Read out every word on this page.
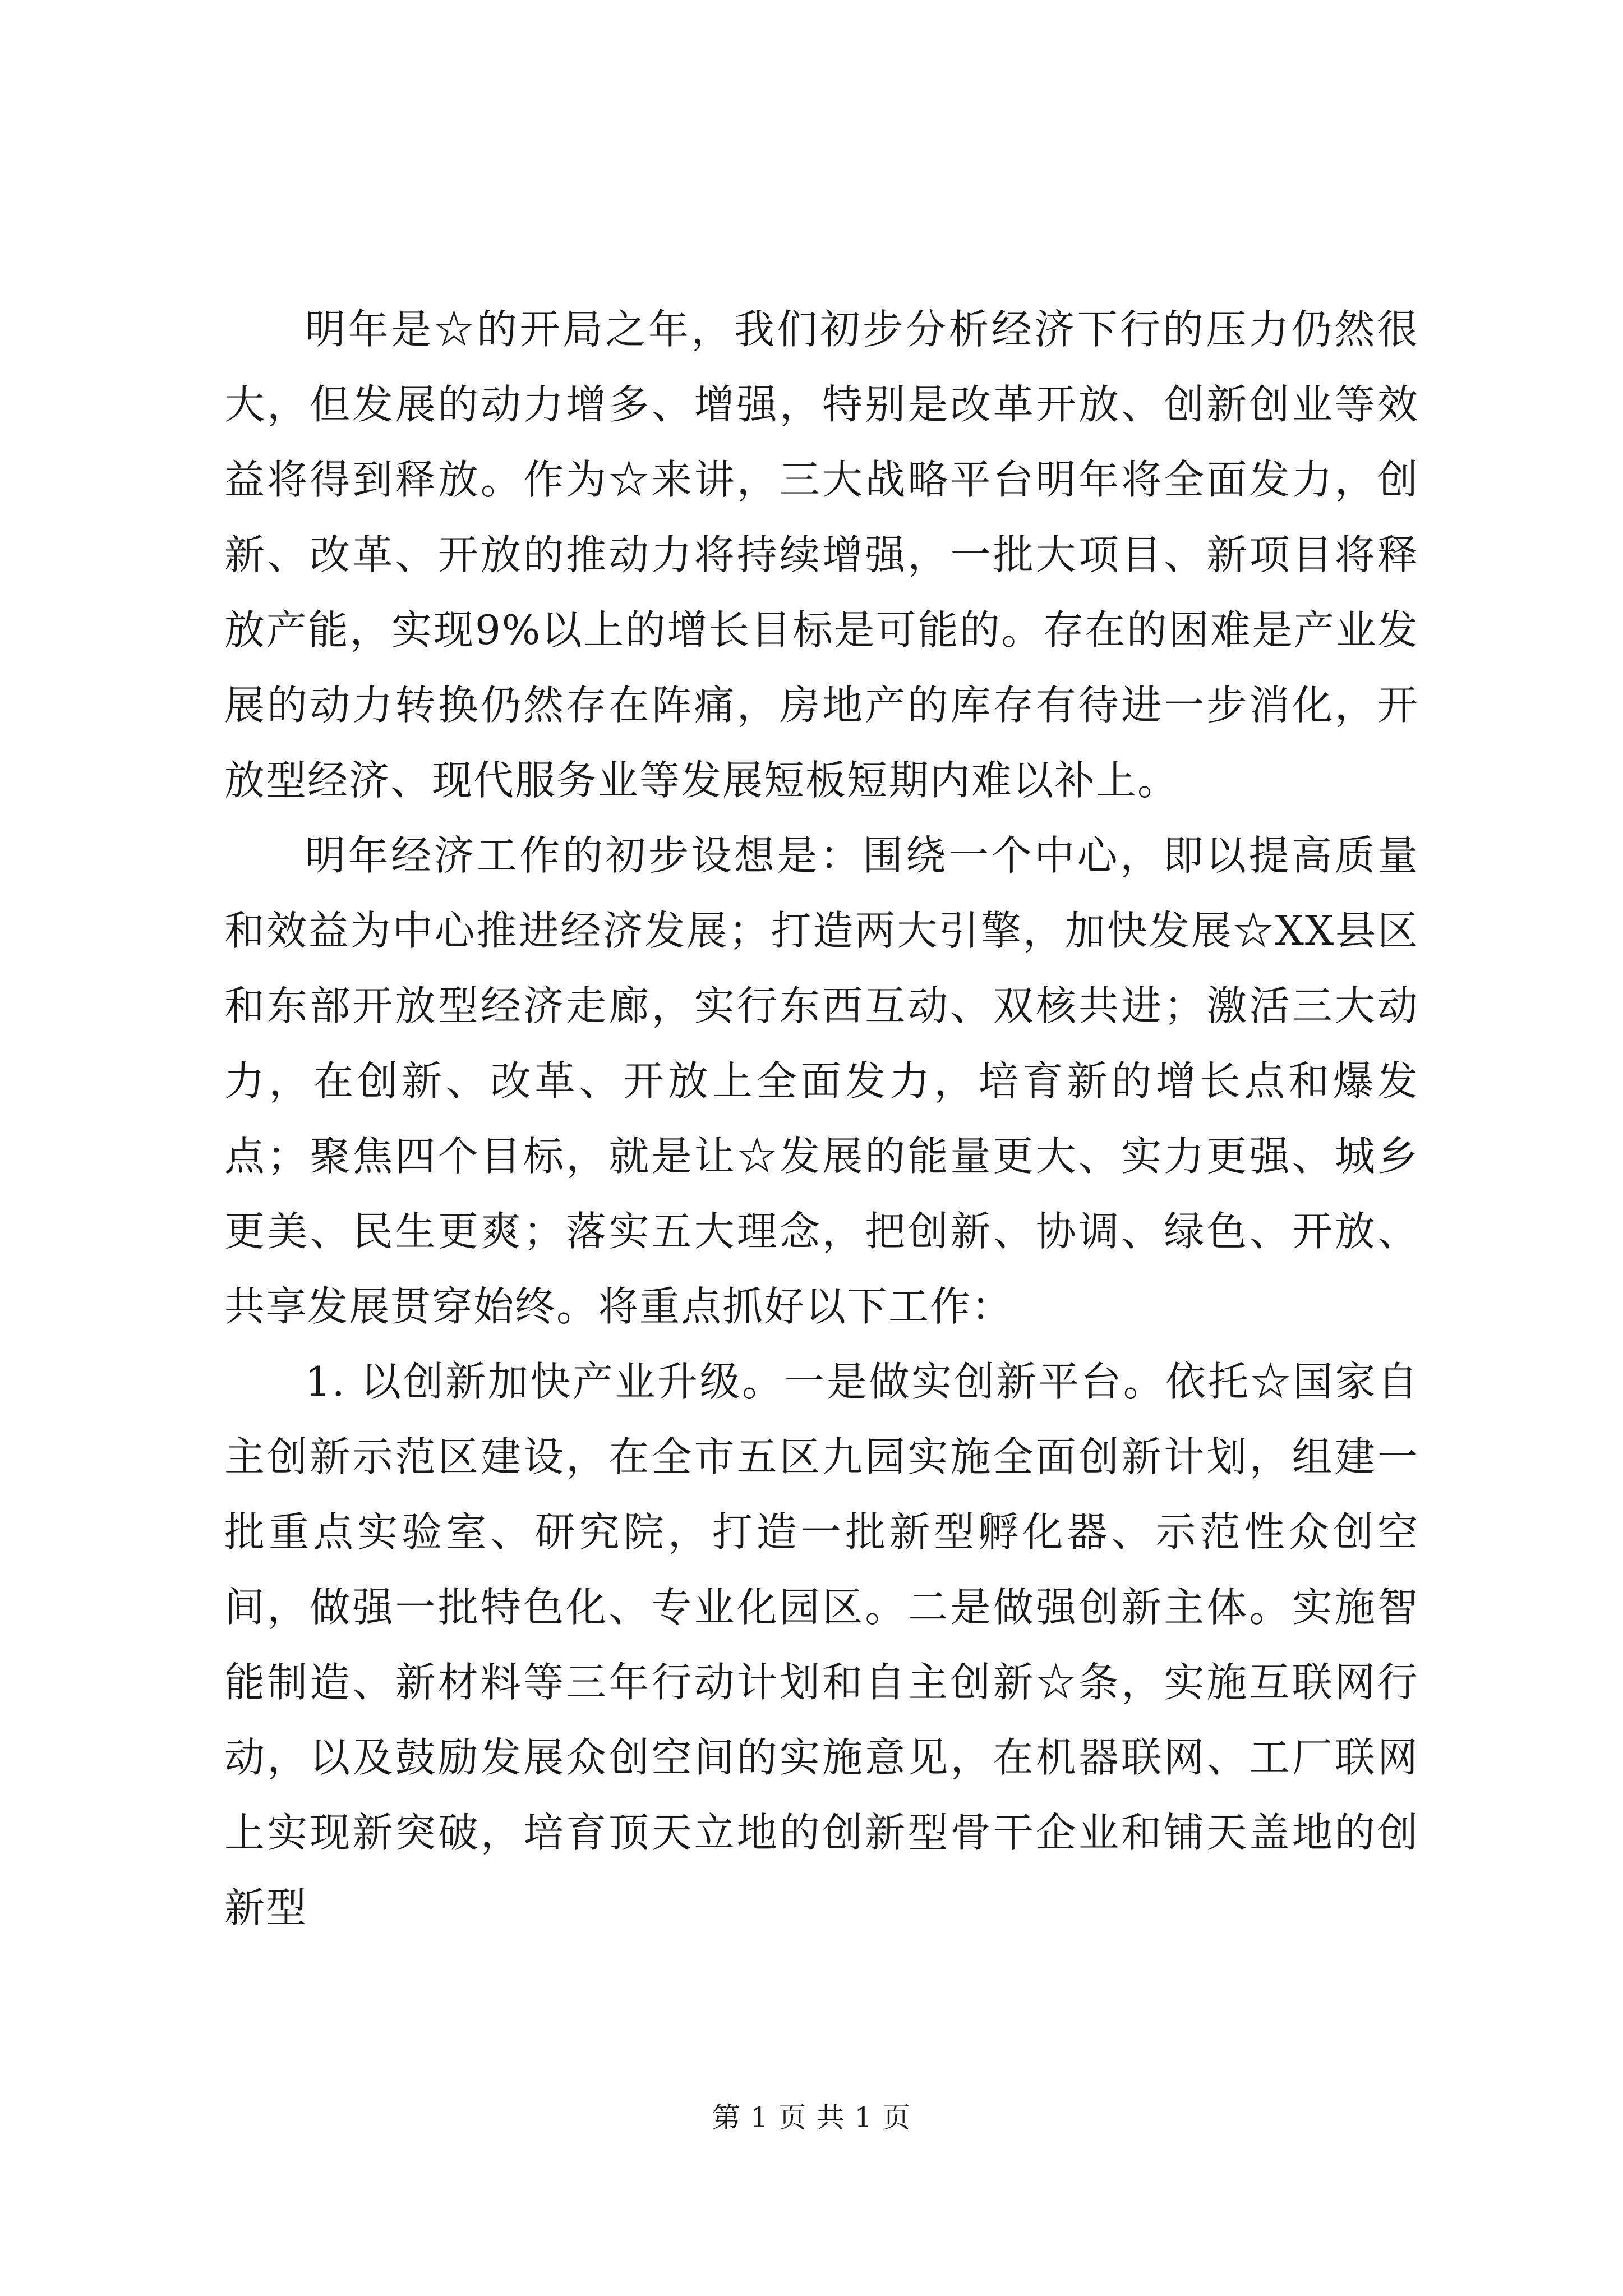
明年是☆的开局之年，我们初步分析经济下行的压力仍然很大，但发展的动力增多、增强，特别是改革开放、创新创业等效益将得到释放。作为☆来讲，三大战略平台明年将全面发力，创新、改革、开放的推动力将持续增强，一批大项目、新项目将释放产能，实现9%以上的增长目标是可能的。存在的困难是产业发展的动力转换仍然存在阵痛，房地产的库存有待进一步消化，开放型经济、现代服务业等发展短板短期内难以补上。

明年经济工作的初步设想是：围绕一个中心，即以提高质量和效益为中心推进经济发展；打造两大引擎，加快发展☆XX县区和东部开放型经济走廊，实行东西互动、双核共进；激活三大动力，在创新、改革、开放上全面发力，培育新的增长点和爆发点；聚焦四个目标，就是让☆发展的能量更大、实力更强、城乡更美、民生更爽；落实五大理念，把创新、协调、绿色、开放、共享发展贯穿始终。将重点抓好以下工作：

1. 以创新加快产业升级。一是做实创新平台。依托☆国家自主创新示范区建设，在全市五区九园实施全面创新计划，组建一批重点实验室、研究院，打造一批新型孵化器、示范性众创空间，做强一批特色化、专业化园区。二是做强创新主体。实施智能制造、新材料等三年行动计划和自主创新☆条，实施互联网行动，以及鼓励发展众创空间的实施意见，在机器联网、工厂联网上实现新突破，培育顶天立地的创新型骨干企业和铺天盖地的创新型

第 1 页 共 1 页
